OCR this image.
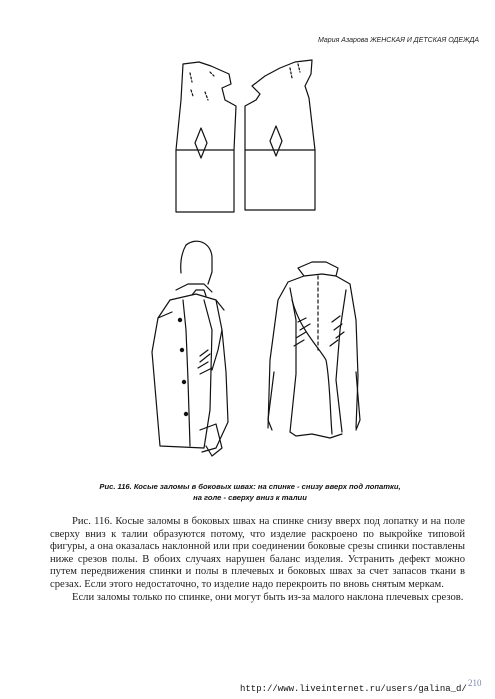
Мария Азарова ЖЕНСКАЯ И ДЕТСКАЯ ОДЕЖДА
Рис. 116. Косые заломы в боковых швах: на спинке - снизу вверх под лопатки,
на голе - сверху вниз к талии

Рис. 116. Косые заломы в боковых швах на спинке снизу вверх под лопатку и на поле сверху вниз к талии образуются потому, что изделие раскроено по выкройке типовой фигуры, а она оказалась наклонной или при соединении боковые срезы спинки поставлены ниже срезов полы. В обоих случаях нарушен баланс изделия. Устранить дефект можно путем передвижения спинки и полы в плечевых и боковых швах за счет запасов ткани в срезах. Если этого недостаточно, то изделие надо перекроить по вновь снятым меркам.

Если заломы только по спинке, они могут быть из-за малого наклона плечевых срезов.

210
http://www.liveinternet.ru/users/galina_d/
